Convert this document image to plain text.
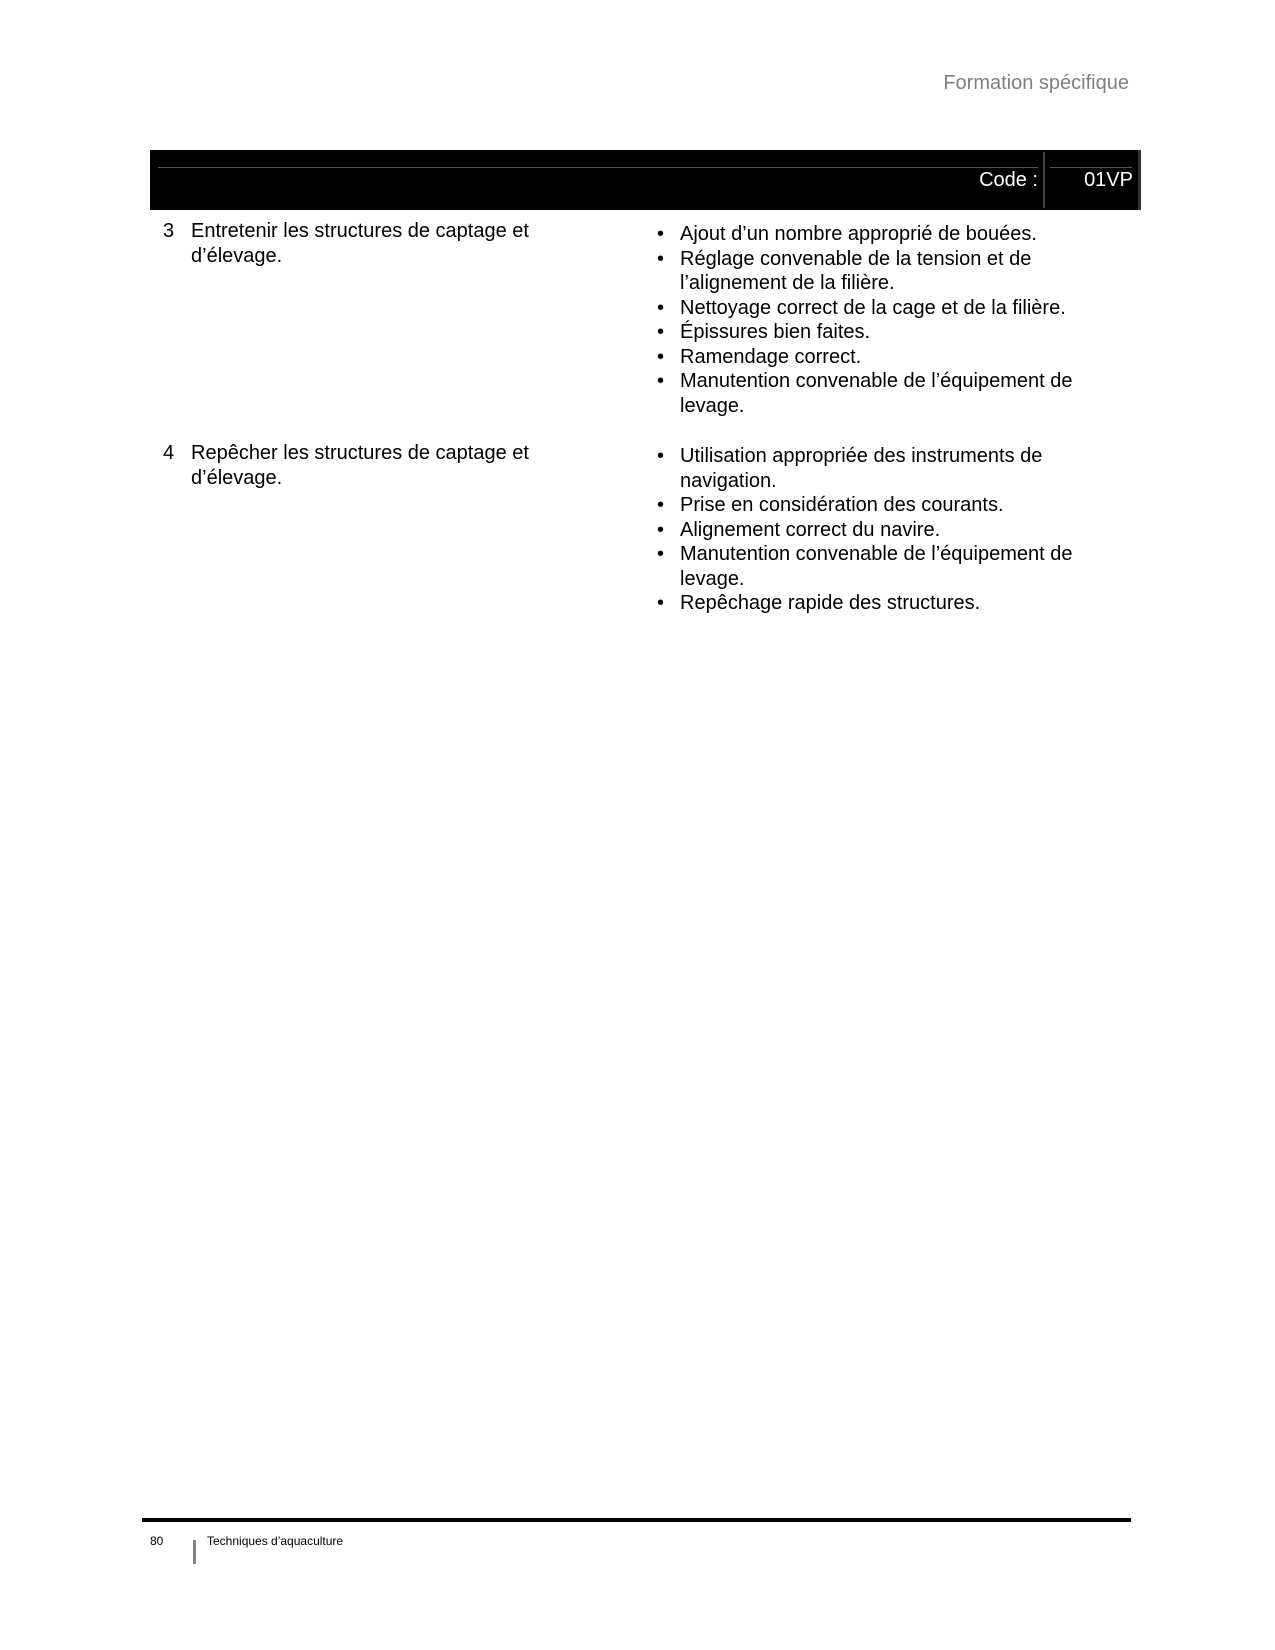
Formation spécifique
Code : 01VP
3 Entretenir les structures de captage et d’élevage.
• Ajout d’un nombre approprié de bouées.
• Réglage convenable de la tension et de l’alignement de la filière.
• Nettoyage correct de la cage et de la filière.
• Épissures bien faites.
• Ramendage correct.
• Manutention convenable de l’équipement de levage.
4 Repêcher les structures de captage et d’élevage.
• Utilisation appropriée des instruments de navigation.
• Prise en considération des courants.
• Alignement correct du navire.
• Manutention convenable de l’équipement de levage.
• Repêchage rapide des structures.
80	Techniques d’aquaculture
